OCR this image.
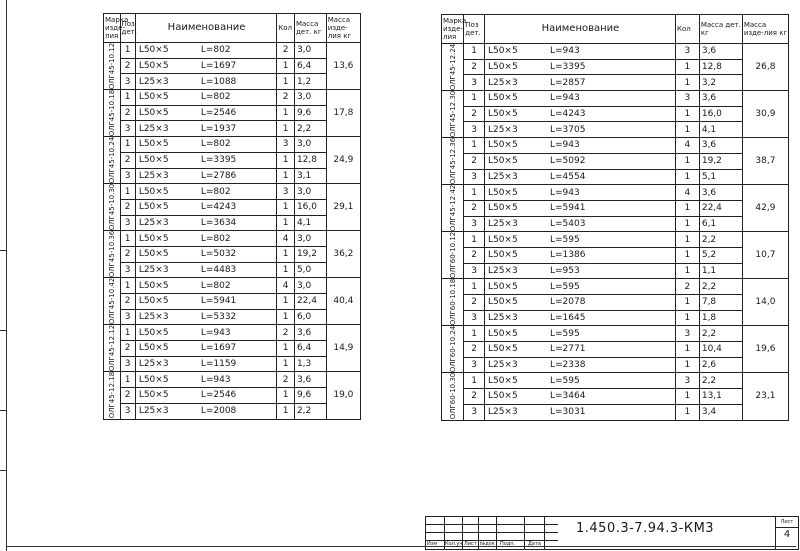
Марка изде-лия	Поз дет.	Наименование	Кол	Масса дет. кг	Масса изде-лия кг

ОЛГ45-10.12	1	L50×5 L=802	2	3,0	13,6
	2	L50×5 L=1697	1	6,4	
	3	L25×3 L=1088	1	1,2	

ОЛГ45-10.18	1	L50×5 L=802	2	3,0	17,8
	2	L50×5 L=2546	1	9,6	
	3	L25×3 L=1937	1	2,2	

ОЛГ45-10.24	1	L50×5 L=802	3	3,0	24,9
	2	L50×5 L=3395	1	12,8	
	3	L25×3 L=2786	1	3,1	

ОЛГ45-10.30	1	L50×5 L=802	3	3,0	29,1
	2	L50×5 L=4243	1	16,0	
	3	L25×3 L=3634	1	4,1	

ОЛГ45-10.36	1	L50×5 L=802	4	3,0	36,2
	2	L50×5 L=5032	1	19,2	
	3	L25×3 L=4483	1	5,0	

ОЛГ45-10.42	1	L50×5 L=802	4	3,0	40,4
	2	L50×5 L=5941	1	22,4	
	3	L25×3 L=5332	1	6,0	

ОЛГ45-12.12	1	L50×5 L=943	2	3,6	14,9
	2	L50×5 L=1697	1	6,4	
	3	L25×3 L=1159	1	1,3	

ОЛГ45-12.18	1	L50×5 L=943	2	3,6	19,0
	2	L50×5 L=2546	1	9,6	
	3	L25×3 L=2008	1	2,2	
Марка изде-лия	Поз дет.	Наименование	Кол	Масса дет. кг	Масса изде-лия кг

ОЛГ45-12.24	1	L50×5 L=943	3	3,6	26,8
	2	L50×5 L=3395	1	12,8	
	3	L25×3 L=2857	1	3,2	

ОЛГ45-12.30	1	L50×5 L=943	3	3,6	30,9
	2	L50×5 L=4243	1	16,0	
	3	L25×3 L=3705	1	4,1	

ОЛГ45-12.36	1	L50×5 L=943	4	3,6	38,7
	2	L50×5 L=5092	1	19,2	
	3	L25×3 L=4554	1	5,1	

ОЛГ45-12.42	1	L50×5 L=943	4	3,6	42,9
	2	L50×5 L=5941	1	22,4	
	3	L25×3 L=5403	1	6,1	

ОЛГ60-10.12	1	L50×5 L=595	1	2,2	10,7
	2	L50×5 L=1386	1	5,2	
	3	L25×3 L=953	1	1,1	

ОЛГ60-10.18	1	L50×5 L=595	2	2,2	14,0
	2	L50×5 L=2078	1	7,8	
	3	L25×3 L=1645	1	1,8	

ОЛГ60-10.24	1	L50×5 L=595	3	2,2	19,6
	2	L50×5 L=2771	1	10,4	
	3	L25×3 L=2338	1	2,6	

ОЛГ60-10.30	1	L50×5 L=595	3	2,2	23,1
	2	L50×5 L=3464	1	13,1	
	3	L25×3 L=3031	1	3,4	
Изм Кол.уч Лист №док Подп.	Дата
1.450.3-7.94.3-КМ3	Лист
4
